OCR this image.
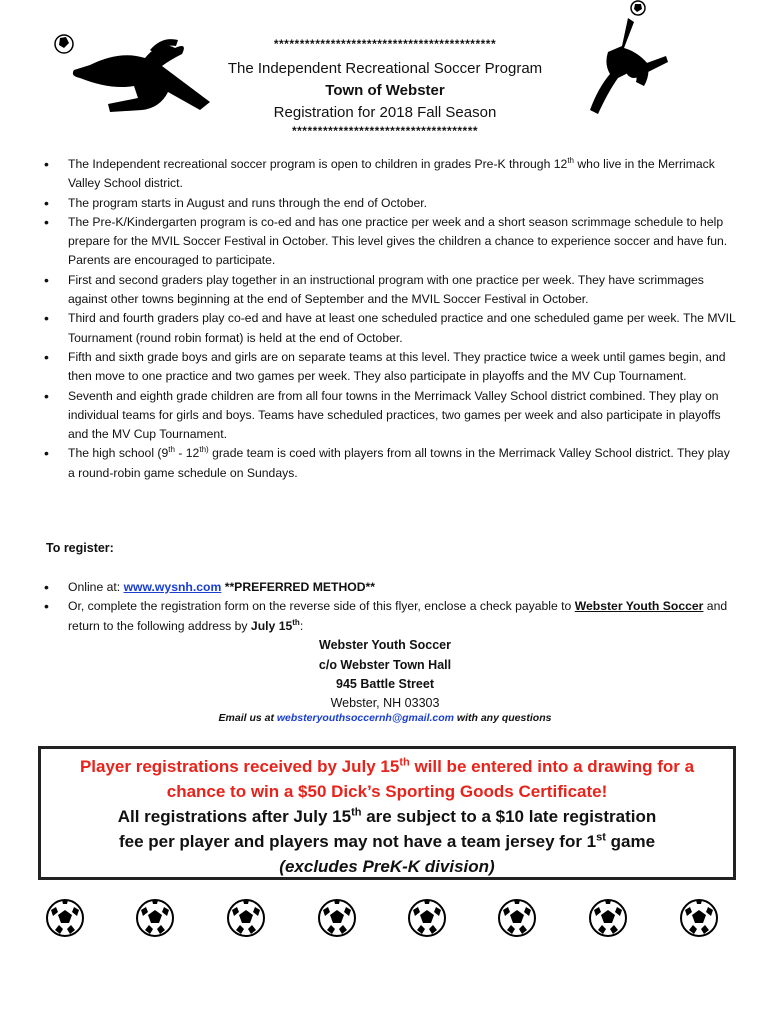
*******************************************
The Independent Recreational Soccer Program
Town of Webster
Registration for 2018 Fall Season
************************************
• The Independent recreational soccer program is open to children in grades Pre-K through 12th who live in the Merrimack Valley School district.
• The program starts in August and runs through the end of October.
• The Pre-K/Kindergarten program is co-ed and has one practice per week and a short season scrimmage schedule to help prepare for the MVIL Soccer Festival in October. This level gives the children a chance to experience soccer and have fun. Parents are encouraged to participate.
• First and second graders play together in an instructional program with one practice per week. They have scrimmages against other towns beginning at the end of September and the MVIL Soccer Festival in October.
• Third and fourth graders play co-ed and have at least one scheduled practice and one scheduled game per week. The MVIL Tournament (round robin format) is held at the end of October.
• Fifth and sixth grade boys and girls are on separate teams at this level. They practice twice a week until games begin, and then move to one practice and two games per week. They also participate in playoffs and the MV Cup Tournament.
• Seventh and eighth grade children are from all four towns in the Merrimack Valley School district combined. They play on individual teams for girls and boys. Teams have scheduled practices, two games per week and also participate in playoffs and the MV Cup Tournament.
• The high school ($9th - 12^{th)}$ grade team is coed with players from all towns in the Merrimack Valley School district. They play a round-robin game schedule on Sundays.
To register:
• Online at: www.wysnh.com **PREFERRED METHOD**
• Or, complete the registration form on the reverse side of this flyer, enclose a check payable to Webster Youth Soccer and return to the following address by July 15th:
Webster Youth Soccer
c/o Webster Town Hall
945 Battle Street
Webster, NH 03303
Email us at websteryouthsoccernh@gmail.com with any questions
Player registrations received by July 15th will be entered into a drawing for a
chance to win a $50 Dick’s Sporting Goods Certificate!
All registrations after July 15th are subject to a $10 late registration
fee per player and players may not have a team jersey for 1st game
(excludes PreK-K division)
